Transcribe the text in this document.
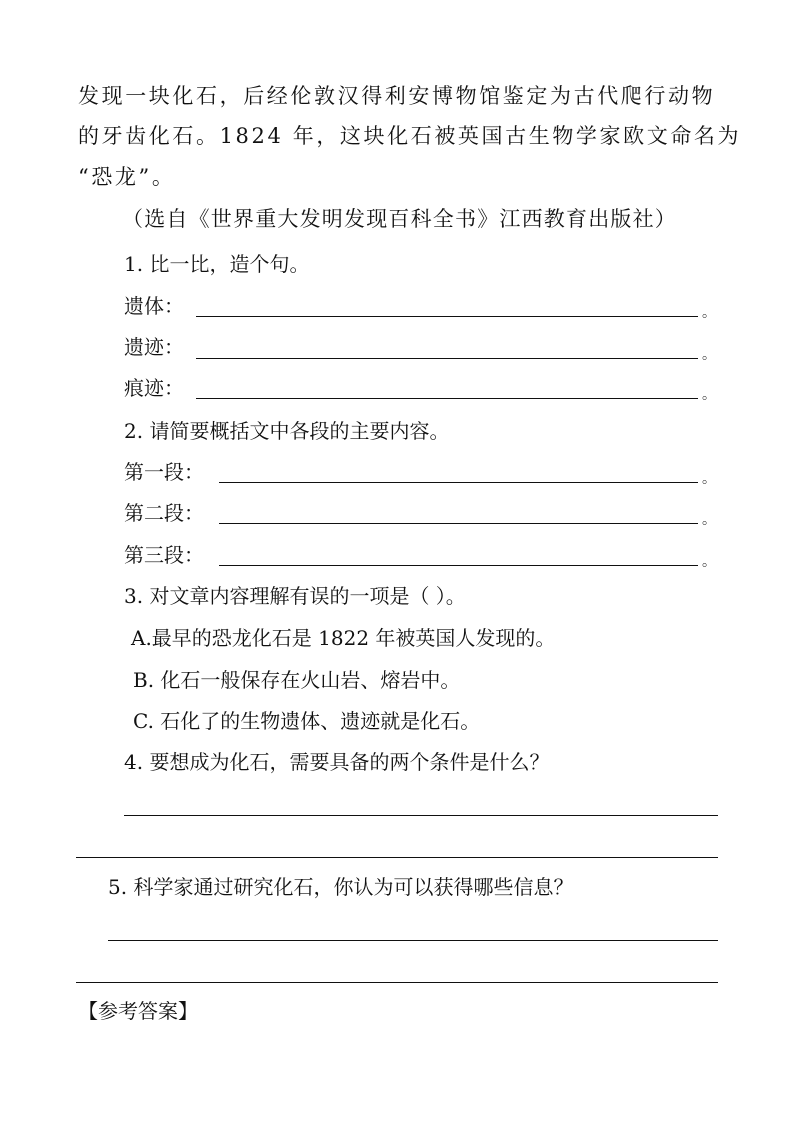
发现一块化石，后经伦敦汉得利安博物馆鉴定为古代爬行动物
的牙齿化石。1824 年，这块化石被英国古生物学家欧文命名为
“恐龙”。
（选自《世界重大发明发现百科全书》江西教育出版社）
1. 比一比，造个句。
遗体：	。
遗迹：	。
痕迹：	。
2. 请简要概括文中各段的主要内容。
第一段：	。
第二段：	。
第三段：	。
3. 对文章内容理解有误的一项是（ ）。
A.最早的恐龙化石是 1822 年被英国人发现的。
B. 化石一般保存在火山岩、熔岩中。
C. 石化了的生物遗体、遗迹就是化石。
4. 要想成为化石，需要具备的两个条件是什么？
5. 科学家通过研究化石，你认为可以获得哪些信息？
【参考答案】
